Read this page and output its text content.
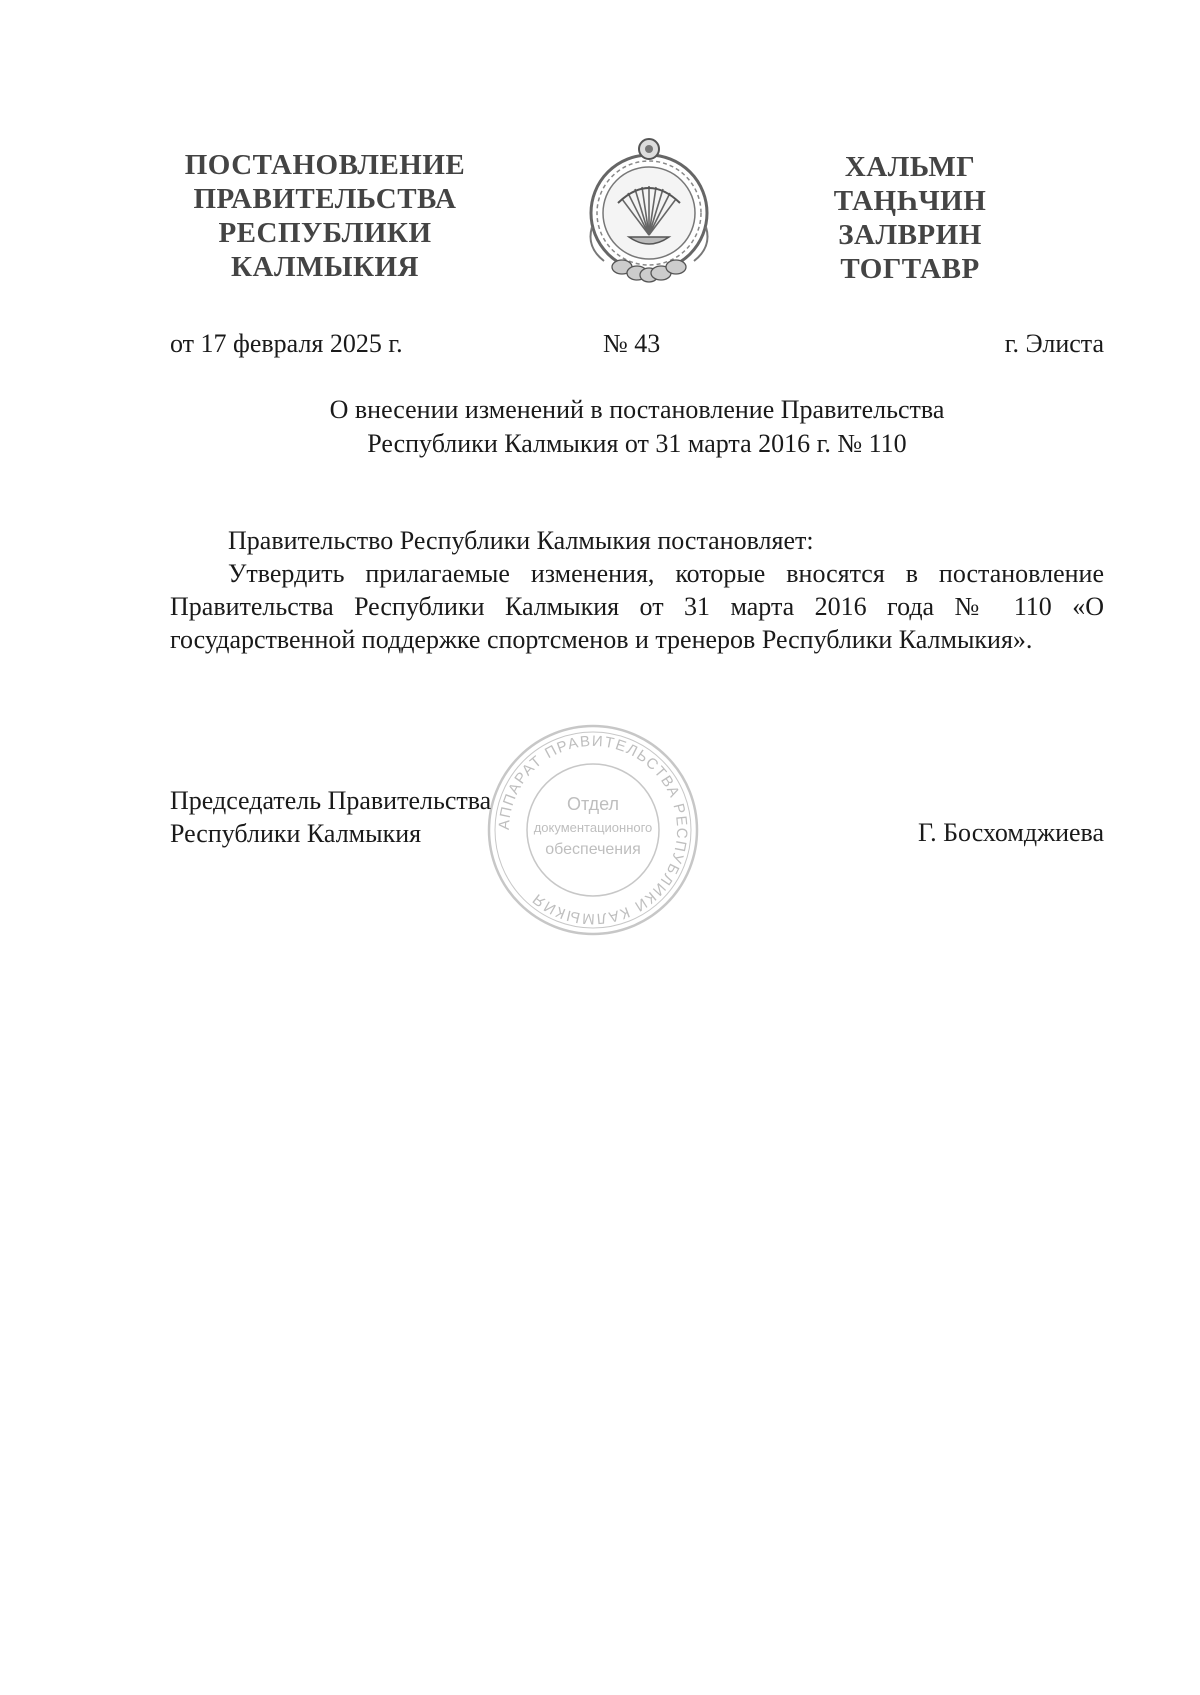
ПОСТАНОВЛЕНИЕ
ПРАВИТЕЛЬСТВА
РЕСПУБЛИКИ
КАЛМЫКИЯ
ХАЛЬМГ
ТАҢҺЧИН
ЗАЛВРИН
ТОГТАВР
от 17 февраля 2025 г.	№ 43	г. Элиста
О внесении изменений в постановление Правительства
Республики Калмыкия от 31 марта 2016 г. № 110

Правительство Республики Калмыкия постановляет:

Утвердить прилагаемые изменения, которые вносятся в постановление Правительства Республики Калмыкия от 31 марта 2016 года № 110 «О государственной поддержке спортсменов и тренеров Республики Калмыкия».

АППАРАТ ПРАВИТЕЛЬСТВА РЕСПУБЛИКИ КАЛМЫКИЯ
Отдел
документационного
обеспечения
Председатель Правительства
Республики Калмыкия	Г. Босхомджиева
